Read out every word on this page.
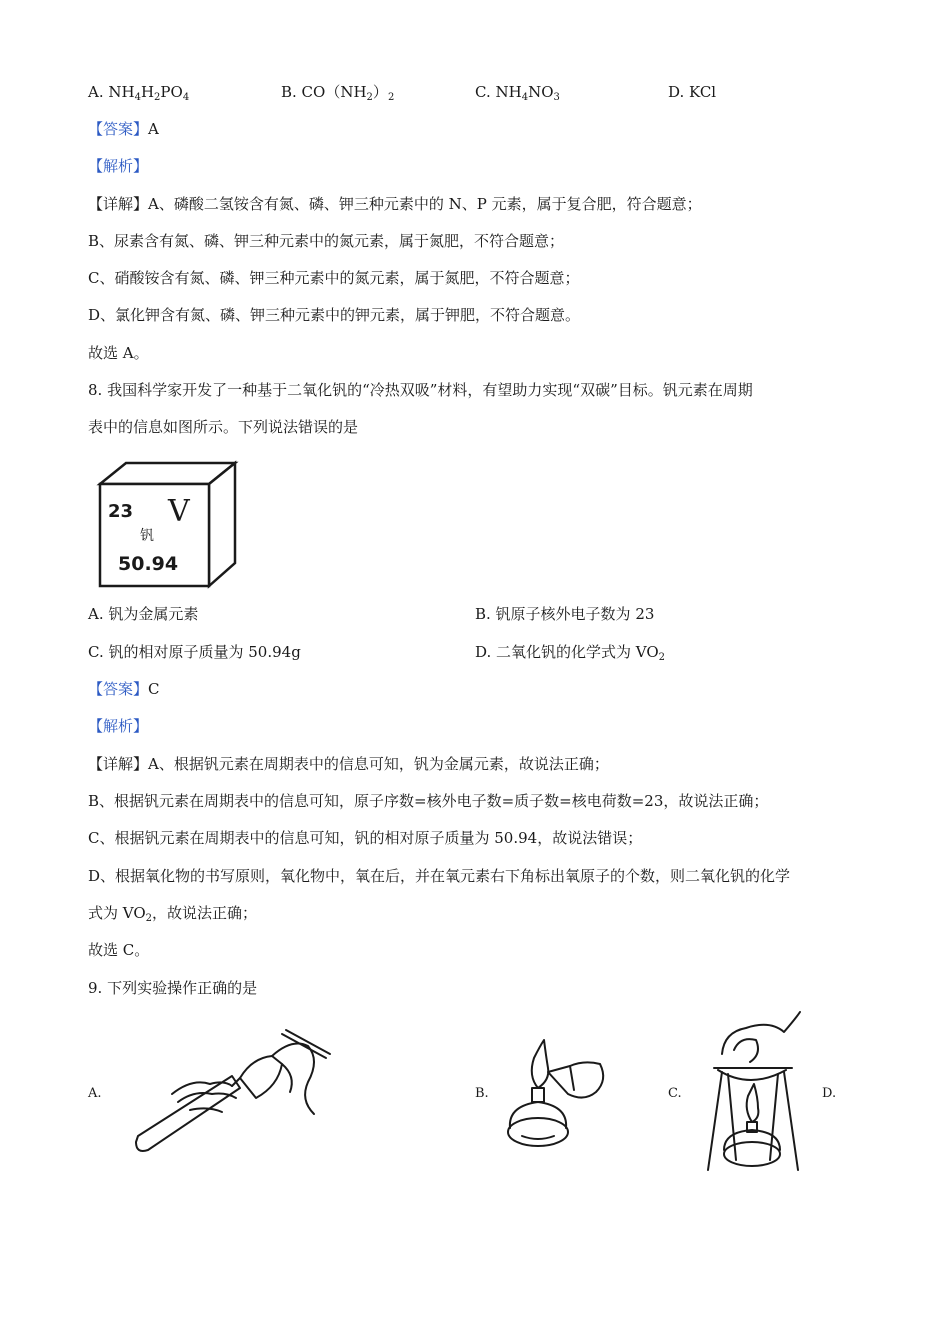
A. $NH_4H_2PO_4$	B. $CO(NH_2)_2$	C. $NH_4NO_3$	D. KCl
【答案】A
【解析】
【详解】A、磷酸二氢铵含有氮、磷、钾三种元素中的 N、P 元素，属于复合肥，符合题意；
B、尿素含有氮、磷、钾三种元素中的氮元素，属于氮肥，不符合题意；
C、硝酸铵含有氮、磷、钾三种元素中的氮元素，属于氮肥，不符合题意；
D、氯化钾含有氮、磷、钾三种元素中的钾元素，属于钾肥，不符合题意。
故选 A。
8. 我国科学家开发了一种基于二氧化钒的“冷热双吸”材料，有望助力实现“双碳”目标。钒元素在周期
表中的信息如图所示。下列说法错误的是
23 V
钒
50.94
A. 钒为金属元素	B. 钒原子核外电子数为 23
C. 钒的相对原子质量为 50.94g	D. 二氧化钒的化学式为 $VO_2$
【答案】C
【解析】
【详解】A、根据钒元素在周期表中的信息可知，钒为金属元素，故说法正确；
B、根据钒元素在周期表中的信息可知，原子序数=核外电子数=质子数=核电荷数=23，故说法正确；
C、根据钒元素在周期表中的信息可知，钒的相对原子质量为 50.94，故说法错误；
D、根据氧化物的书写原则，氧化物中，氧在后，并在氧元素右下角标出氧原子的个数，则二氧化钒的化学
式为 $VO_2$，故说法正确；
故选 C。
9. 下列实验操作正确的是
A.	B.	C.	D.
